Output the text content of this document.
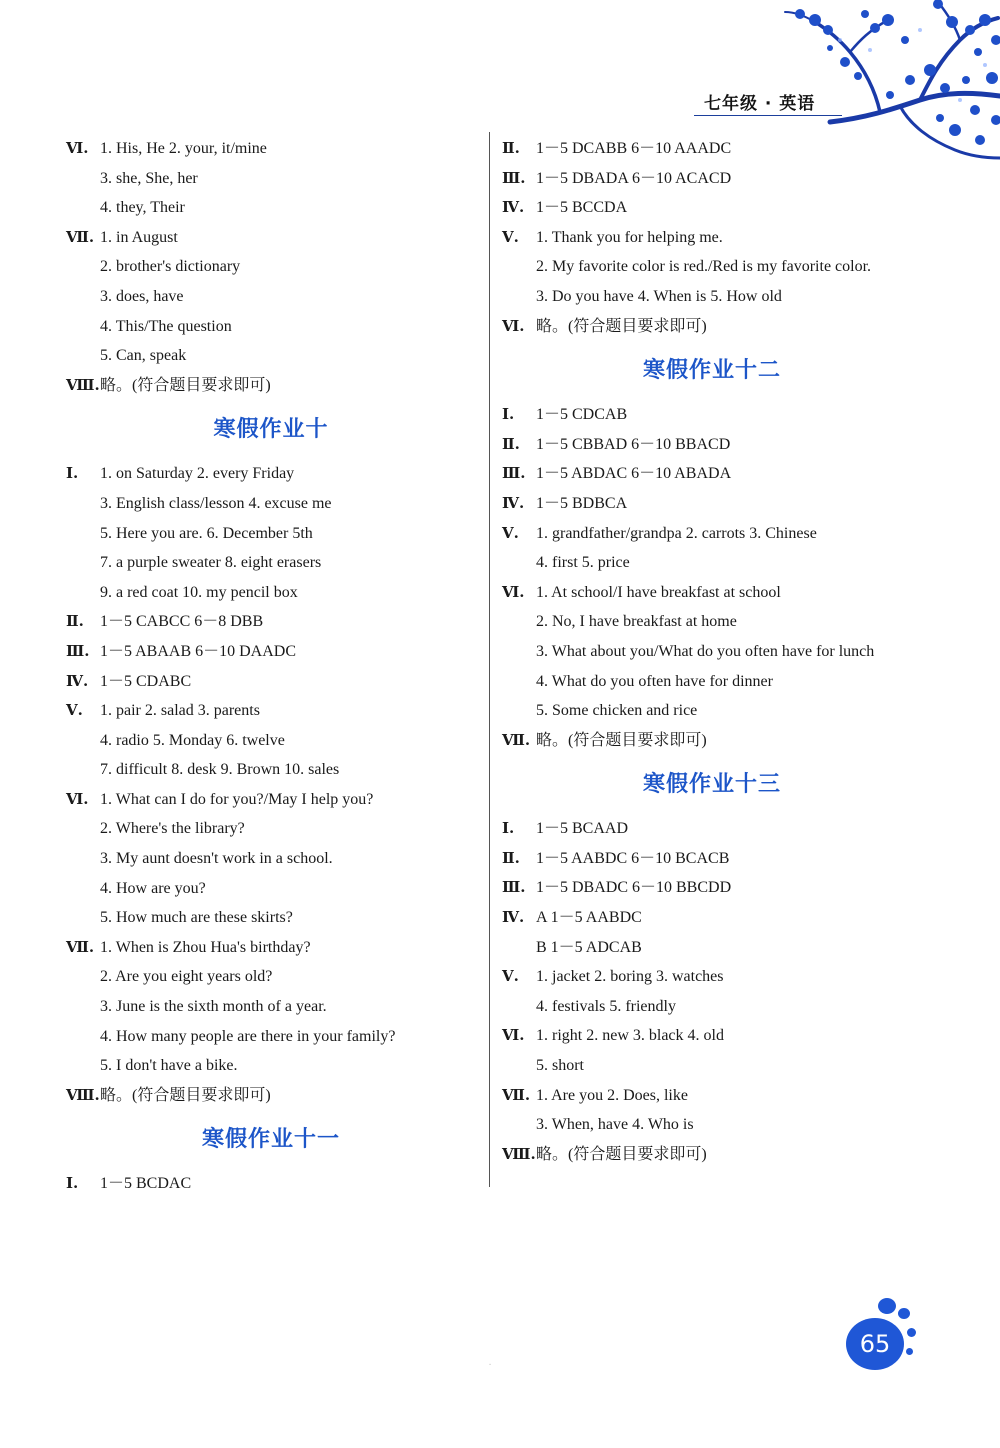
七年级 · 英语
Ⅵ. 1. His, He 2. your, it/mine
3. she, She, her
4. they, Their
Ⅶ. 1. in August
2. brother's dictionary
3. does, have
4. This/The question
5. Can, speak
Ⅷ. 略。(符合题目要求即可)
寒假作业十
Ⅰ.	1. on Saturday 2. every Friday
3. English class/lesson 4. excuse me
5. Here you are. 6. December 5th
7. a purple sweater 8. eight erasers
9. a red coat 10. my pencil box
Ⅱ.	1－5 CABCC 6－8 DBB
Ⅲ. 1－5 ABAAB 6－10 DAADC
Ⅳ. 1－5 CDABC
Ⅴ.	1. pair 2. salad 3. parents
4. radio 5. Monday 6. twelve
7. difficult 8. desk 9. Brown 10. sales
Ⅵ. 1. What can I do for you?/May I help you?
2. Where's the library?
3. My aunt doesn't work in a school.
4. How are you?
5. How much are these skirts?
Ⅶ. 1. When is Zhou Hua's birthday?
2. Are you eight years old?
3. June is the sixth month of a year.
4. How many people are there in your family?
5. I don't have a bike.
Ⅷ. 略。(符合题目要求即可)
寒假作业十一
Ⅰ.	1－5 BCDAC
Ⅱ.	1－5 DCABB 6－10 AAADC
Ⅲ. 1－5 DBADA 6－10 ACACD
Ⅳ. 1－5 BCCDA
Ⅴ.	1. Thank you for helping me.
2. My favorite color is red./Red is my favorite color.
3. Do you have 4. When is 5. How old
Ⅵ. 略。(符合题目要求即可)
寒假作业十二
Ⅰ.	1－5 CDCAB
Ⅱ.	1－5 CBBAD 6－10 BBACD
Ⅲ. 1－5 ABDAC 6－10 ABADA
Ⅳ. 1－5 BDBCA
Ⅴ.	1. grandfather/grandpa 2. carrots 3. Chinese
4. first 5. price
Ⅵ. 1. At school/I have breakfast at school
2. No, I have breakfast at home
3. What about you/What do you often have for lunch
4. What do you often have for dinner
5. Some chicken and rice
Ⅶ. 略。(符合题目要求即可)
寒假作业十三
Ⅰ.	1－5 BCAAD
Ⅱ.	1－5 AABDC 6－10 BCACB
Ⅲ. 1－5 DBADC 6－10 BBCDD
Ⅳ. A 1－5 AABDC
B 1－5 ADCAB
Ⅴ.	1. jacket 2. boring 3. watches
4. festivals 5. friendly
Ⅵ. 1. right 2. new 3. black 4. old
5. short
Ⅶ. 1. Are you 2. Does, like
3. When, have 4. Who is
Ⅷ. 略。(符合题目要求即可)
65
·
